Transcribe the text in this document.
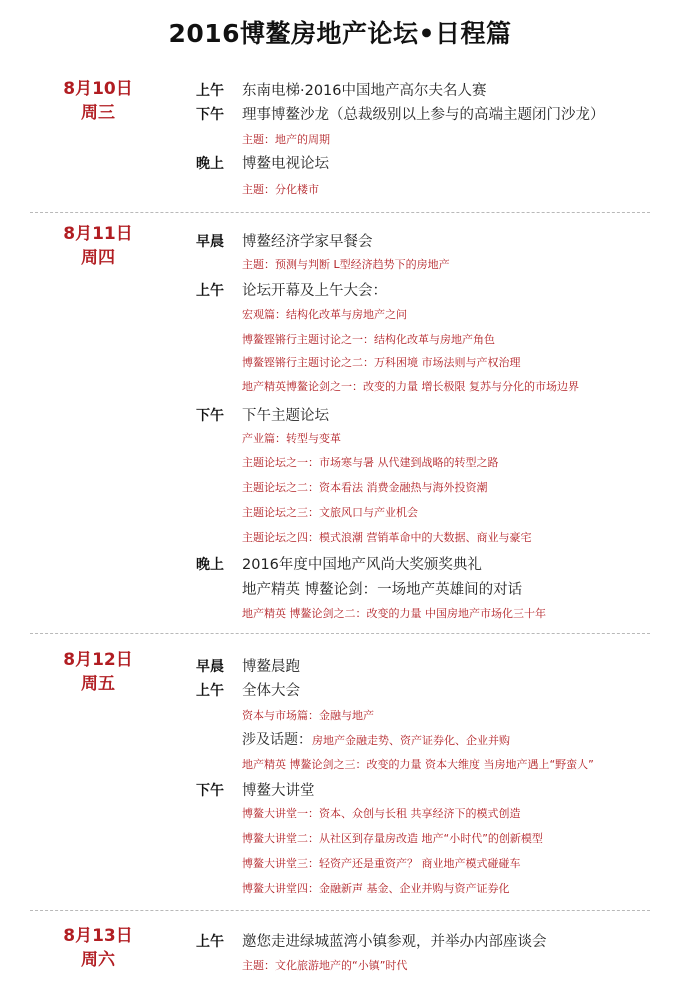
2016博鳌房地产论坛•日程篇
8月10日
周三
上午 东南电梯·2016中国地产高尔夫名人赛
下午 理事博鳌沙龙（总裁级别以上参与的高端主题闭门沙龙）
主题：地产的周期
晚上 博鳌电视论坛
主题：分化楼市
8月11日
周四
早晨 博鳌经济学家早餐会
主题：预测与判断 L型经济趋势下的房地产
上午 论坛开幕及上午大会：
宏观篇：结构化改革与房地产之问
博鳌铿锵行主题讨论之一：结构化改革与房地产角色
博鳌铿锵行主题讨论之二：万科困境 市场法则与产权治理
地产精英博鳌论剑之一：改变的力量 增长极限 复苏与分化的市场边界
下午 下午主题论坛
产业篇：转型与变革
主题论坛之一：市场寒与暑 从代建到战略的转型之路
主题论坛之二：资本看法 消费金融热与海外投资潮
主题论坛之三：文旅风口与产业机会
主题论坛之四：模式浪潮 营销革命中的大数据、商业与豪宅
晚上 2016年度中国地产风尚大奖颁奖典礼
地产精英 博鳌论剑：一场地产英雄间的对话
地产精英 博鳌论剑之二：改变的力量 中国房地产市场化三十年
8月12日
周五
早晨 博鳌晨跑
上午 全体大会
资本与市场篇：金融与地产
涉及话题：房地产金融走势、资产证券化、企业并购
地产精英 博鳌论剑之三：改变的力量 资本大维度 当房地产遇上“野蛮人”
下午 博鳌大讲堂
博鳌大讲堂一：资本、众创与长租 共享经济下的模式创造
博鳌大讲堂二：从社区到存量房改造 地产“小时代”的创新模型
博鳌大讲堂三：轻资产还是重资产？ 商业地产模式碰碰车
博鳌大讲堂四：金融新声 基金、企业并购与资产证券化
8月13日
周六
上午 邀您走进绿城蓝湾小镇参观，并举办内部座谈会
主题：文化旅游地产的“小镇”时代
